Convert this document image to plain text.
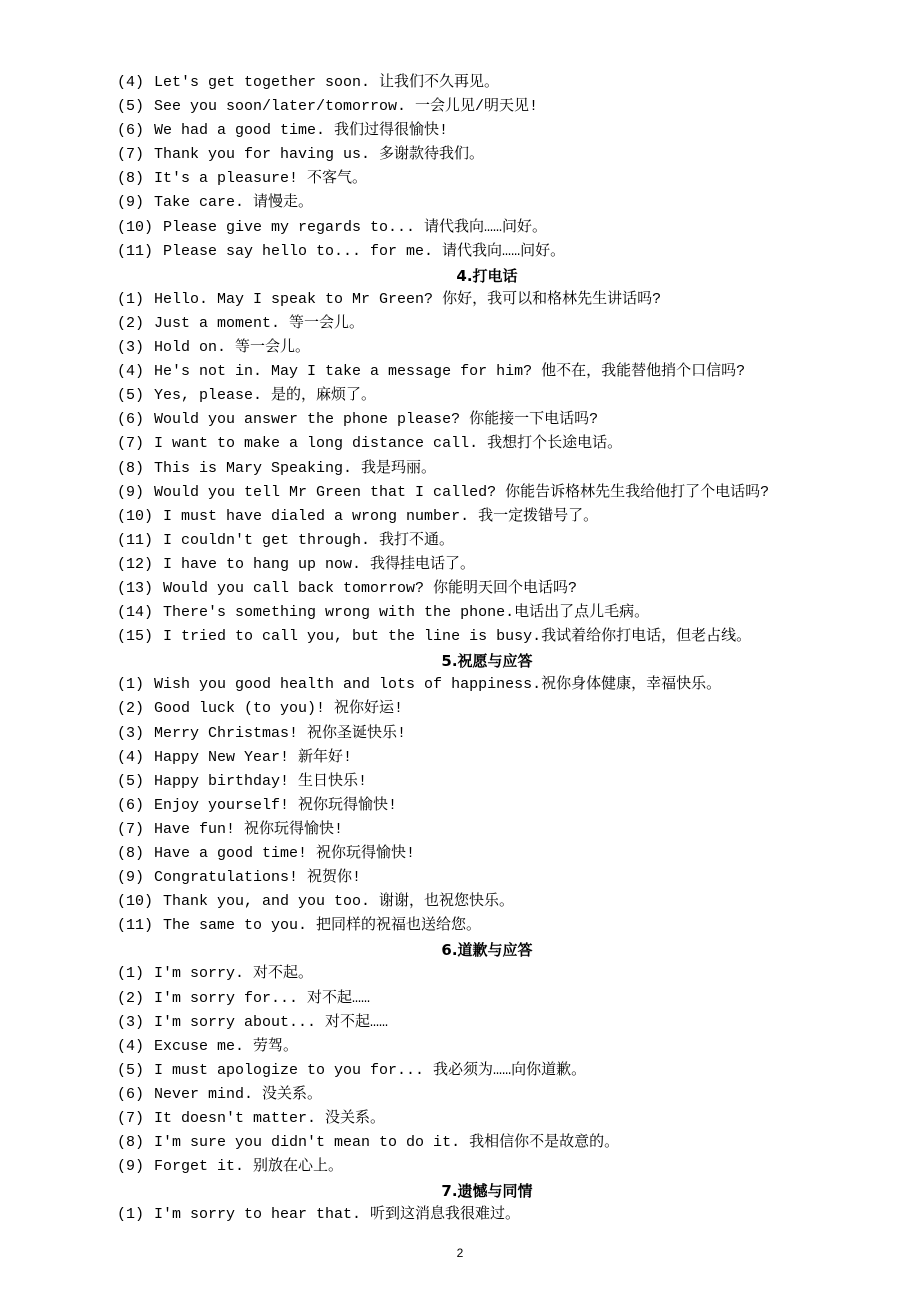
(4) Let's get together soon. 让我们不久再见。
(5) See you soon/later/tomorrow. 一会儿见/明天见!
(6) We had a good time. 我们过得很愉快!
(7) Thank you for having us. 多谢款待我们。
(8) It's a pleasure! 不客气。
(9) Take care. 请慢走。
(10) Please give my regards to... 请代我向……问好。
(11) Please say hello to... for me. 请代我向……问好。
4.打电话
(1) Hello. May I speak to Mr Green? 你好，我可以和格林先生讲话吗?
(2) Just a moment. 等一会儿。
(3) Hold on. 等一会儿。
(4) He's not in. May I take a message for him? 他不在，我能替他捎个口信吗?
(5) Yes, please. 是的，麻烦了。
(6) Would you answer the phone please? 你能接一下电话吗?
(7) I want to make a long distance call. 我想打个长途电话。
(8) This is Mary Speaking. 我是玛丽。
(9) Would you tell Mr Green that I called? 你能告诉格林先生我给他打了个电话吗?
(10) I must have dialed a wrong number. 我一定拨错号了。
(11) I couldn't get through. 我打不通。
(12) I have to hang up now. 我得挂电话了。
(13) Would you call back tomorrow? 你能明天回个电话吗?
(14) There's something wrong with the phone.电话出了点儿毛病。
(15) I tried to call you, but the line is busy.我试着给你打电话，但老占线。
5.祝愿与应答
(1) Wish you good health and lots of happiness.祝你身体健康，幸福快乐。
(2) Good luck (to you)! 祝你好运!
(3) Merry Christmas! 祝你圣诞快乐!
(4) Happy New Year! 新年好!
(5) Happy birthday! 生日快乐!
(6) Enjoy yourself! 祝你玩得愉快!
(7) Have fun! 祝你玩得愉快!
(8) Have a good time! 祝你玩得愉快!
(9) Congratulations! 祝贺你!
(10) Thank you, and you too. 谢谢，也祝您快乐。
(11) The same to you. 把同样的祝福也送给您。
6.道歉与应答
(1) I'm sorry. 对不起。
(2) I'm sorry for... 对不起……
(3) I'm sorry about... 对不起……
(4) Excuse me. 劳驾。
(5) I must apologize to you for... 我必须为……向你道歉。
(6) Never mind. 没关系。
(7) It doesn't matter. 没关系。
(8) I'm sure you didn't mean to do it. 我相信你不是故意的。
(9) Forget it. 别放在心上。
7.遗憾与同情
(1) I'm sorry to hear that. 听到这消息我很难过。
2
